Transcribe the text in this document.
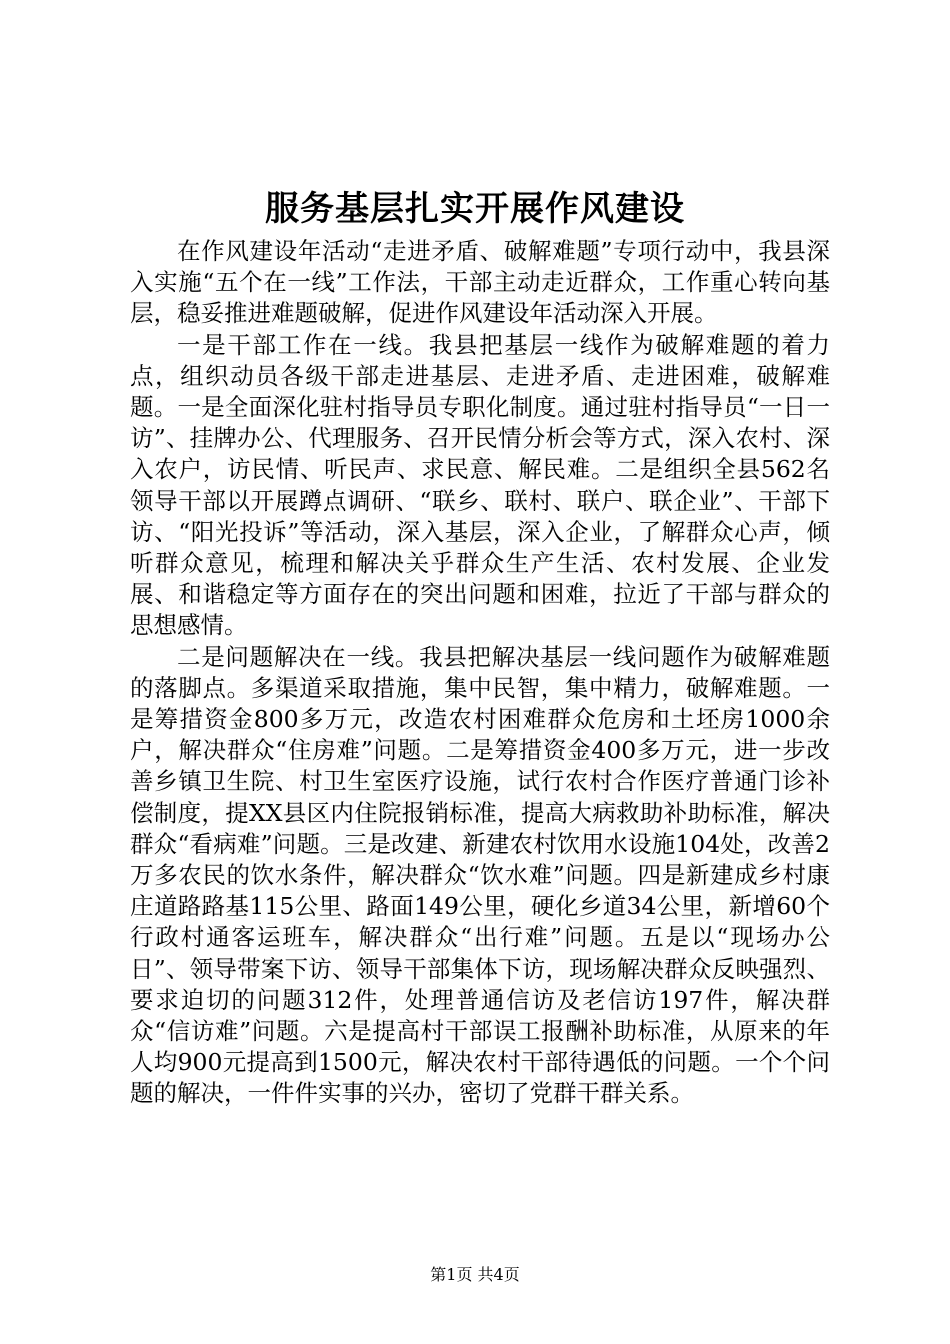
服务基层扎实开展作风建设

在作风建设年活动“走进矛盾、破解难题”专项行动中，我县深入实施“五个在一线”工作法，干部主动走近群众，工作重心转向基层，稳妥推进难题破解，促进作风建设年活动深入开展。

一是干部工作在一线。我县把基层一线作为破解难题的着力点，组织动员各级干部走进基层、走进矛盾、走进困难，破解难题。一是全面深化驻村指导员专职化制度。通过驻村指导员“一日一访”、挂牌办公、代理服务、召开民情分析会等方式，深入农村、深入农户，访民情、听民声、求民意、解民难。二是组织全县562名领导干部以开展蹲点调研、“联乡、联村、联户、联企业”、干部下访、“阳光投诉”等活动，深入基层，深入企业，了解群众心声，倾听群众意见，梳理和解决关乎群众生产生活、农村发展、企业发展、和谐稳定等方面存在的突出问题和困难，拉近了干部与群众的思想感情。

二是问题解决在一线。我县把解决基层一线问题作为破解难题的落脚点。多渠道采取措施，集中民智，集中精力，破解难题。一是筹措资金800多万元，改造农村困难群众危房和土坯房1000余户，解决群众“住房难”问题。二是筹措资金400多万元，进一步改善乡镇卫生院、村卫生室医疗设施，试行农村合作医疗普通门诊补偿制度，提XX县区内住院报销标准，提高大病救助补助标准，解决群众“看病难”问题。三是改建、新建农村饮用水设施104处，改善2万多农民的饮水条件，解决群众“饮水难”问题。四是新建成乡村康庄道路路基115公里、路面149公里，硬化乡道34公里，新增60个行政村通客运班车，解决群众“出行难”问题。五是以“现场办公日”、领导带案下访、领导干部集体下访，现场解决群众反映强烈、要求迫切的问题312件，处理普通信访及老信访197件，解决群众“信访难”问题。六是提高村干部误工报酬补助标准，从原来的年人均900元提高到1500元，解决农村干部待遇低的问题。一个个问题的解决，一件件实事的兴办，密切了党群干群关系。

第1页 共4页
